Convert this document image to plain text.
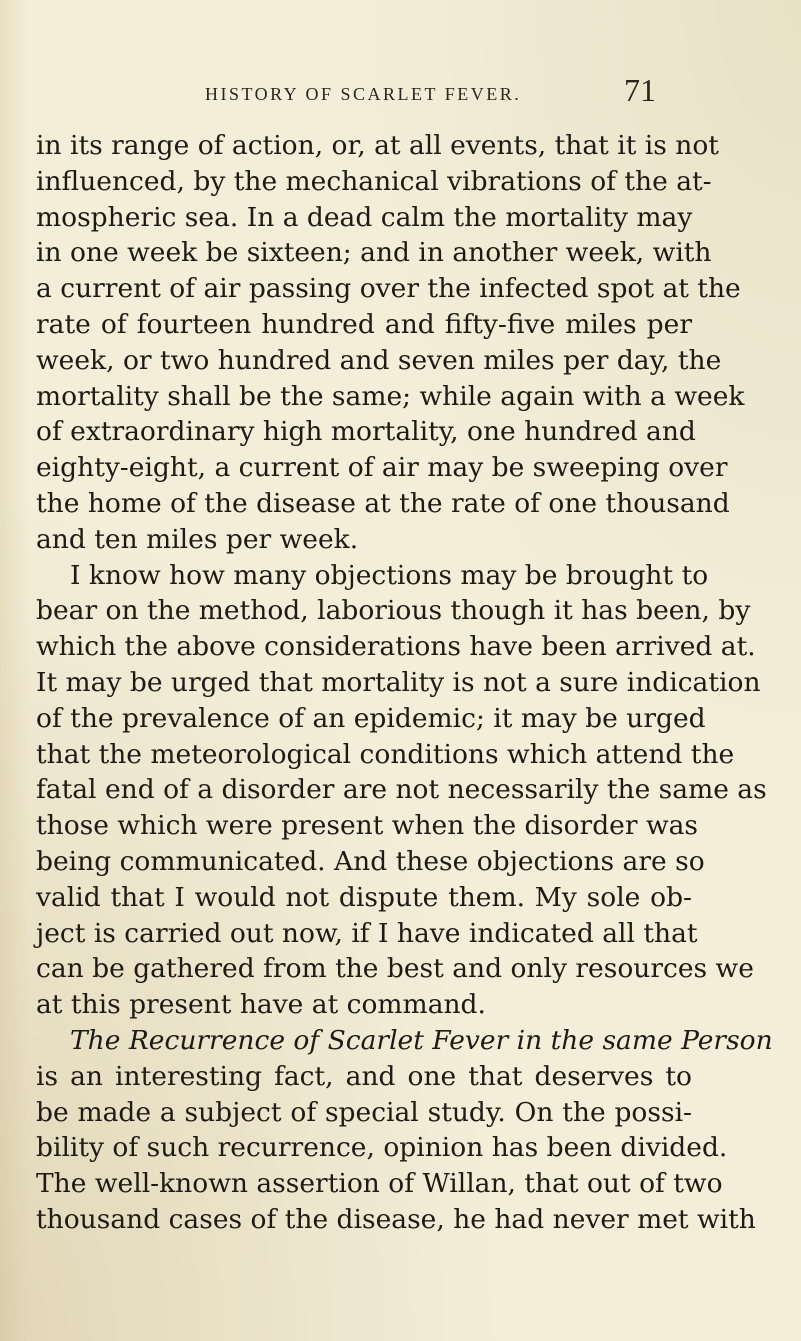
HISTORY OF SCARLET FEVER.	71
in its range of action, or, at all events, that it is not
influenced, by the mechanical vibrations of the at-
mospheric sea. In a dead calm the mortality may
in one week be sixteen; and in another week, with
a current of air passing over the infected spot at the
rate of fourteen hundred and fifty-five miles per
week, or two hundred and seven miles per day, the
mortality shall be the same; while again with a week
of extraordinary high mortality, one hundred and
eighty-eight, a current of air may be sweeping over
the home of the disease at the rate of one thousand
and ten miles per week.
I know how many objections may be brought to
bear on the method, laborious though it has been, by
which the above considerations have been arrived at.
It may be urged that mortality is not a sure indication
of the prevalence of an epidemic; it may be urged
that the meteorological conditions which attend the
fatal end of a disorder are not necessarily the same as
those which were present when the disorder was
being communicated. And these objections are so
valid that I would not dispute them. My sole ob-
ject is carried out now, if I have indicated all that
can be gathered from the best and only resources we
at this present have at command.
The Recurrence of Scarlet Fever in the same Person
is an interesting fact, and one that deserves to
be made a subject of special study. On the possi-
bility of such recurrence, opinion has been divided.
The well-known assertion of Willan, that out of two
thousand cases of the disease, he had never met with
